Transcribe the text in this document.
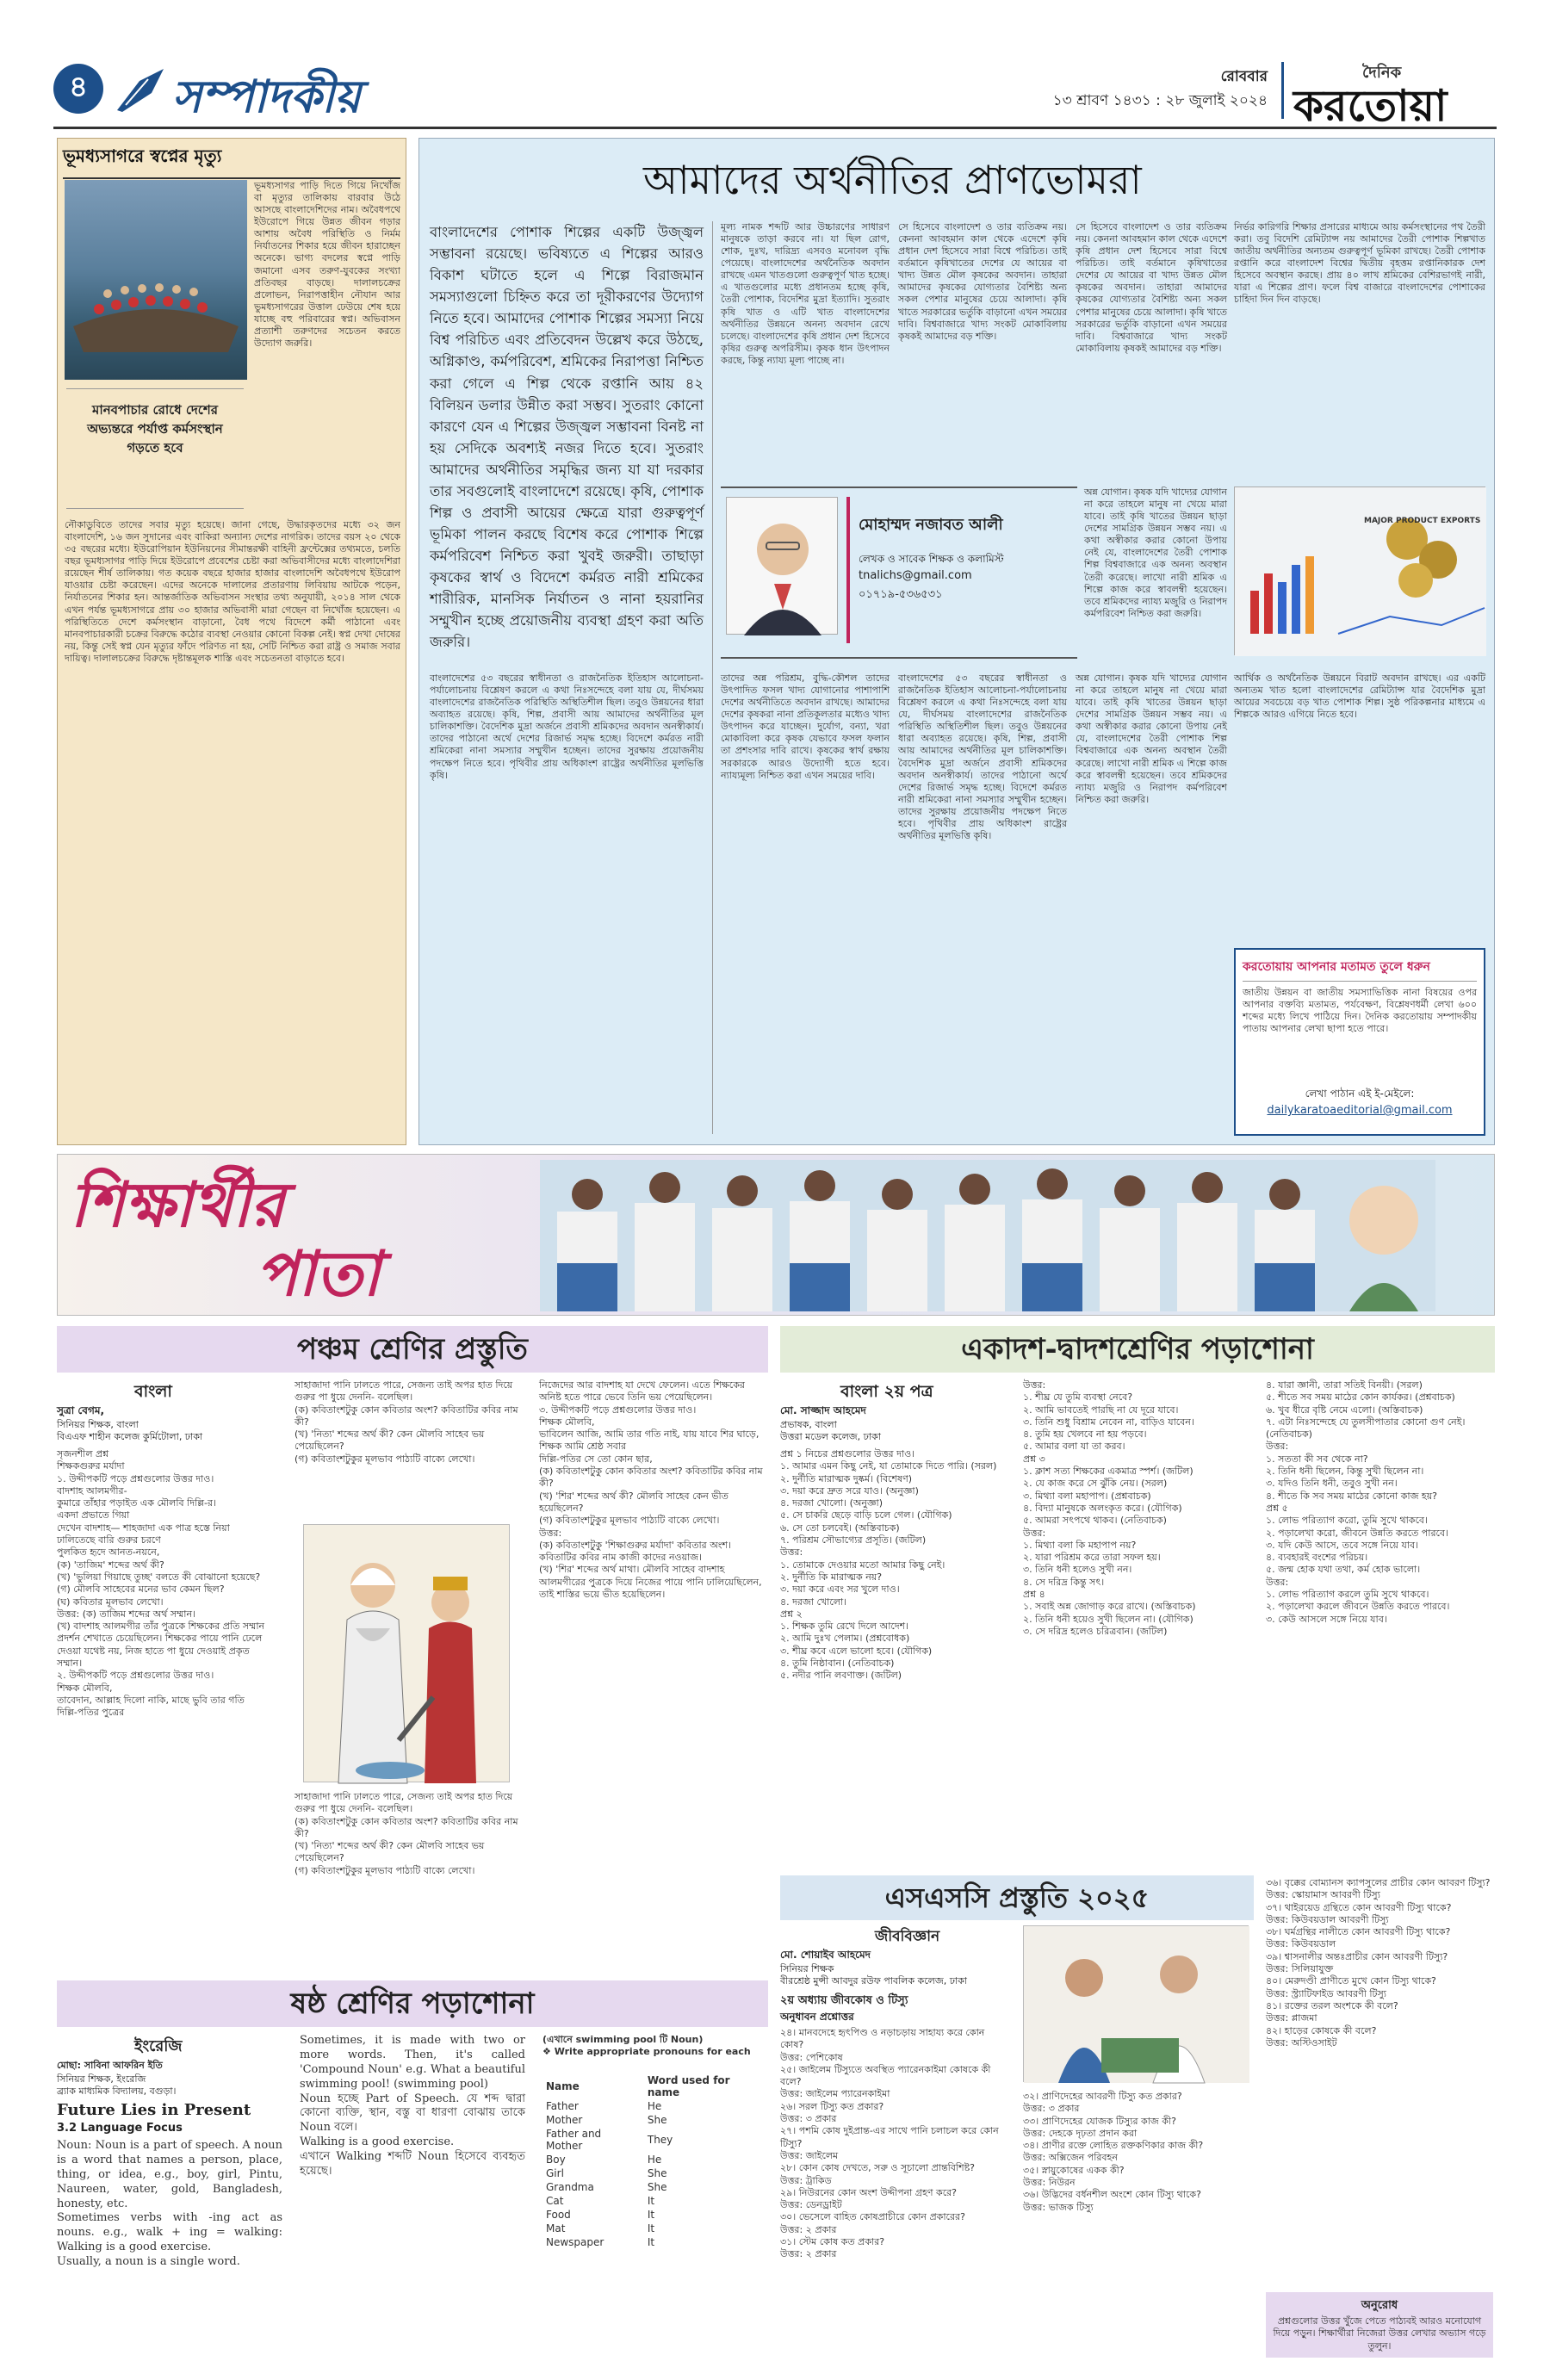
৪ সম্পাদকীয়	রোববার
১৩ শ্রাবণ ১৪৩১ : ২৮ জুলাই ২০২৪
দৈনিক
করতোয়া
ভূমধ্যসাগরে স্বপ্নের মৃত্যু
ভূমধ্যসাগর পাড়ি দিতে গিয়ে নিখোঁজ বা মৃত্যুর তালিকায় বারবার উঠে আসছে বাংলাদেশিদের নাম। অবৈধপথে ইউরোপে গিয়ে উন্নত জীবন গড়ার আশায় অবৈধ পরিস্থিতি ও নির্মম নির্যাতনের শিকার হয়ে জীবন হারাচ্ছেন অনেকে। ভাগ্য বদলের স্বপ্নে পাড়ি জমানো এসব তরুণ-যুবকের সংখ্যা প্রতিবছর বাড়ছে। দালালচক্রের প্রলোভন, নিরাপত্তাহীন নৌযান আর ভুমধ্যসাগরের উত্তাল ঢেউয়ে শেষ হয়ে যাচ্ছে বহু পরিবারের স্বপ্ন। অভিবাসন প্রত্যাশী তরুণদের সচেতন করতে উদ্যোগ জরুরি।
মানবপাচার রোধে দেশের অভ্যন্তরে পর্যাপ্ত কর্মসংস্থান গড়তে হবে
নৌকাডুবিতে তাদের সবার মৃত্যু হয়েছে। জানা গেছে, উদ্ধারকৃতদের মধ্যে ৩২ জন বাংলাদেশি, ১৬ জন সুদানের এবং বাকিরা অন্যান্য দেশের নাগরিক। তাদের বয়স ২০ থেকে ৩৫ বছরের মধ্যে। ইউরোপিয়ান ইউনিয়নের সীমান্তরক্ষী বাহিনী ফ্রন্টেক্সের তথ্যমতে, চলতি বছর ভূমধ্যসাগর পাড়ি দিয়ে ইউরোপে প্রবেশের চেষ্টা করা অভিবাসীদের মধ্যে বাংলাদেশিরা রয়েছেন শীর্ষ তালিকায়। গত কয়েক বছরে হাজার হাজার বাংলাদেশি অবৈধপথে ইউরোপ যাওয়ার চেষ্টা করেছেন। এদের অনেকে দালালের প্রতারণায় লিবিয়ায় আটকে পড়েন, নির্যাতনের শিকার হন। আন্তর্জাতিক অভিবাসন সংস্থার তথ্য অনুযায়ী, ২০১৪ সাল থেকে এখন পর্যন্ত ভূমধ্যসাগরে প্রায় ৩০ হাজার অভিবাসী মারা গেছেন বা নিখোঁজ হয়েছেন। এ পরিস্থিতিতে দেশে কর্মসংস্থান বাড়ানো, বৈধ পথে বিদেশে কর্মী পাঠানো এবং মানবপাচারকারী চক্রের বিরুদ্ধে কঠোর ব্যবস্থা নেওয়ার কোনো বিকল্প নেই। স্বপ্ন দেখা দোষের নয়, কিন্তু সেই স্বপ্ন যেন মৃত্যুর ফাঁদে পরিণত না হয়, সেটি নিশ্চিত করা রাষ্ট্র ও সমাজ সবার দায়িত্ব। দালালচক্রের বিরুদ্ধে দৃষ্টান্তমূলক শাস্তি এবং সচেতনতা বাড়াতে হবে।
আমাদের অর্থনীতির প্রাণভোমরা
বাংলাদেশের পোশাক শিল্পের একটি উজ্জ্বল সম্ভাবনা রয়েছে। ভবিষ্যতে এ শিল্পের আরও বিকাশ ঘটাতে হলে এ শিল্পে বিরাজমান সমস্যাগুলো চিহ্নিত করে তা দূরীকরণের উদ্যোগ নিতে হবে। আমাদের পোশাক শিল্পের সমস্যা নিয়ে বিশ্ব পরিচিত এবং প্রতিবেদন উল্লেখ করে উঠছে, অগ্নিকাণ্ড, কর্মপরিবেশ, শ্রমিকের নিরাপত্তা নিশ্চিত করা গেলে এ শিল্প থেকে রপ্তানি আয় ৪২ বিলিয়ন ডলার উন্নীত করা সম্ভব। সুতরাং কোনো কারণে যেন এ শিল্পের উজ্জ্বল সম্ভাবনা বিনষ্ট না হয় সেদিকে অবশ্যই নজর দিতে হবে। সুতরাং আমাদের অর্থনীতির সমৃদ্ধির জন্য যা যা দরকার তার সবগুলোই বাংলাদেশে রয়েছে। কৃষি, পোশাক শিল্প ও প্রবাসী আয়ের ক্ষেত্রে যারা গুরুত্বপূর্ণ ভূমিকা পালন করছে বিশেষ করে পোশাক শিল্পে কর্মপরিবেশ নিশ্চিত করা খুবই জরুরী। তাছাড়া কৃষকের স্বার্থ ও বিদেশে কর্মরত নারী শ্রমিকের শারীরিক, মানসিক নির্যাতন ও নানা হয়রানির সম্মুখীন হচ্ছে প্রয়োজনীয় ব্যবস্থা গ্রহণ করা অতি জরুরি।
মূল্য নামক শব্দটি আর উচ্চারণের সাধারণ মানুষকে তাড়া করবে না। যা ছিল রোগ, শোক, দুঃখ, দারিদ্র্য এসবও মনোবল বৃদ্ধি পেয়েছে। বাংলাদেশের অর্থনৈতিক অবদান রাখছে এমন খাতগুলো গুরুত্বপূর্ণ খাত হচ্ছে। এ খাতগুলোর মধ্যে প্রধানতম হচ্ছে কৃষি, তৈরী পোশাক, বিদেশির মুদ্রা ইত্যাদি। সুতরাং কৃষি খাত ও এটি খাত বাংলাদেশের অর্থনীতির উন্নয়নে অনন্য অবদান রেখে চলেছে। বাংলাদেশের কৃষি প্রধান দেশ হিসেবে কৃষির গুরুত্ব অপরিসীম। কৃষক ধান উৎপাদন করছে, কিন্তু ন্যায্য মূল্য পাচ্ছে না।
সে হিসেবে বাংলাদেশ ও তার ব্যতিক্রম নয়। কেননা আবহমান কাল থেকে এদেশে কৃষি প্রধান দেশ হিসেবে সারা বিশ্বে পরিচিত। তাই বর্তমানে কৃষিখাতের দেশের যে আয়ের বা খাদ্য উন্নত মৌল কৃষকের অবদান। তাহারা আমাদের কৃষকের যোগ্যতার বৈশিষ্ট্য অন্য সকল পেশার মানুষের চেয়ে আলাদা। কৃষি খাতে সরকারের ভর্তুকি বাড়ানো এখন সময়ের দাবি। বিশ্ববাজারে খাদ্য সংকট মোকাবিলায় কৃষকই আমাদের বড় শক্তি।
নির্ভর কারিগরি শিক্ষার প্রসারের মাধ্যমে আয় কর্মসংস্থানের পথ তৈরী করা। তবু বিদেশি রেমিট্যান্স নয় আমাদের তৈরী পোশাক শিল্পখাত জাতীয় অর্থনীতির অন্যতম গুরুত্বপূর্ণ ভূমিকা রাখছে। তৈরী পোশাক রপ্তানি করে বাংলাদেশ বিশ্বের দ্বিতীয় বৃহত্তম রপ্তানিকারক দেশ হিসেবে অবস্থান করছে। প্রায় ৪০ লাখ শ্রমিকের বেশিরভাগই নারী, যারা এ শিল্পের প্রাণ। ফলে বিশ্ব বাজারে বাংলাদেশের পোশাকের চাহিদা দিন দিন বাড়ছে।
সে হিসেবে বাংলাদেশ ও তার ব্যতিক্রম নয়। কেননা আবহমান কাল থেকে এদেশে কৃষি প্রধান দেশ হিসেবে সারা বিশ্বে পরিচিত। তাই বর্তমানে কৃষিখাতের দেশের যে আয়ের বা খাদ্য উন্নত মৌল কৃষকের অবদান। তাহারা আমাদের কৃষকের যোগ্যতার বৈশিষ্ট্য অন্য সকল পেশার মানুষের চেয়ে আলাদা। কৃষি খাতে সরকারের ভর্তুকি বাড়ানো এখন সময়ের দাবি। বিশ্ববাজারে খাদ্য সংকট মোকাবিলায় কৃষকই আমাদের বড় শক্তি।
মোহাম্মদ নজাবত আলী
লেখক ও সাবেক শিক্ষক ও কলামিস্ট
tnalichs@gmail.com
০১৭১৯-৫৩৬৫৩১
অন্ন যোগান। কৃষক যদি খাদ্যের যোগান না করে তাহলে মানুষ না খেয়ে মারা যাবে। তাই কৃষি খাতের উন্নয়ন ছাড়া দেশের সামগ্রিক উন্নয়ন সম্ভব নয়। এ কথা অস্বীকার করার কোনো উপায় নেই যে, বাংলাদেশের তৈরী পোশাক শিল্প বিশ্ববাজারে এক অনন্য অবস্থান তৈরী করেছে। লাখো নারী শ্রমিক এ শিল্পে কাজ করে স্বাবলম্বী হয়েছেন। তবে শ্রমিকদের ন্যায্য মজুরি ও নিরাপদ কর্মপরিবেশ নিশ্চিত করা জরুরি।
MAJOR PRODUCT EXPORTS
বাংলাদেশের ৫৩ বছরের স্বাধীনতা ও রাজনৈতিক ইতিহাস আলোচনা-পর্যালোচনায় বিশ্লেষণ করলে এ কথা নিঃসন্দেহে বলা যায় যে, দীর্ঘসময় বাংলাদেশের রাজনৈতিক পরিস্থিতি অস্থিতিশীল ছিল। তবুও উন্নয়নের ধারা অব্যাহত রয়েছে। কৃষি, শিল্প, প্রবাসী আয় আমাদের অর্থনীতির মূল চালিকাশক্তি। বৈদেশিক মুদ্রা অর্জনে প্রবাসী শ্রমিকদের অবদান অনস্বীকার্য। তাদের পাঠানো অর্থে দেশের রিজার্ভ সমৃদ্ধ হচ্ছে। বিদেশে কর্মরত নারী শ্রমিকেরা নানা সমস্যার সম্মুখীন হচ্ছেন। তাদের সুরক্ষায় প্রয়োজনীয় পদক্ষেপ নিতে হবে। পৃথিবীর প্রায় অধিকাংশ রাষ্ট্রের অর্থনীতির মূলভিত্তি কৃষি।
তাদের অন্ন পরিশ্রম, বুদ্ধি-কৌশল তাদের উৎপাদিত ফসল খাদ্য যোগানোর পাশাপাশি দেশের অর্থনীতিতে অবদান রাখছে। আমাদের দেশের কৃষকরা নানা প্রতিকূলতার মধ্যেও খাদ্য উৎপাদন করে যাচ্ছেন। দুর্যোগ, বন্যা, খরা মোকাবিলা করে কৃষক যেভাবে ফসল ফলান তা প্রশংসার দাবি রাখে। কৃষকের স্বার্থ রক্ষায় সরকারকে আরও উদ্যোগী হতে হবে। ন্যায্যমূল্য নিশ্চিত করা এখন সময়ের দাবি।
বাংলাদেশের ৫৩ বছরের স্বাধীনতা ও রাজনৈতিক ইতিহাস আলোচনা-পর্যালোচনায় বিশ্লেষণ করলে এ কথা নিঃসন্দেহে বলা যায় যে, দীর্ঘসময় বাংলাদেশের রাজনৈতিক পরিস্থিতি অস্থিতিশীল ছিল। তবুও উন্নয়নের ধারা অব্যাহত রয়েছে। কৃষি, শিল্প, প্রবাসী আয় আমাদের অর্থনীতির মূল চালিকাশক্তি। বৈদেশিক মুদ্রা অর্জনে প্রবাসী শ্রমিকদের অবদান অনস্বীকার্য। তাদের পাঠানো অর্থে দেশের রিজার্ভ সমৃদ্ধ হচ্ছে। বিদেশে কর্মরত নারী শ্রমিকেরা নানা সমস্যার সম্মুখীন হচ্ছেন। তাদের সুরক্ষায় প্রয়োজনীয় পদক্ষেপ নিতে হবে। পৃথিবীর প্রায় অধিকাংশ রাষ্ট্রের অর্থনীতির মূলভিত্তি কৃষি।
অন্ন যোগান। কৃষক যদি খাদ্যের যোগান না করে তাহলে মানুষ না খেয়ে মারা যাবে। তাই কৃষি খাতের উন্নয়ন ছাড়া দেশের সামগ্রিক উন্নয়ন সম্ভব নয়। এ কথা অস্বীকার করার কোনো উপায় নেই যে, বাংলাদেশের তৈরী পোশাক শিল্প বিশ্ববাজারে এক অনন্য অবস্থান তৈরী করেছে। লাখো নারী শ্রমিক এ শিল্পে কাজ করে স্বাবলম্বী হয়েছেন। তবে শ্রমিকদের ন্যায্য মজুরি ও নিরাপদ কর্মপরিবেশ নিশ্চিত করা জরুরি।
আর্থিক ও অর্থনৈতিক উন্নয়নে বিরাট অবদান রাখছে। এর একটি অন্যতম খাত হলো বাংলাদেশের রেমিট্যান্স যার বৈদেশিক মুদ্রা আয়ের সবচেয়ে বড় খাত পোশাক শিল্প। সুষ্ঠ পরিকল্পনার মাধ্যমে এ শিল্পকে আরও এগিয়ে নিতে হবে।
করতোয়ায় আপনার মতামত তুলে ধরুন
জাতীয় উন্নয়ন বা জাতীয় সমস্যাভিত্তিক নানা বিষয়ের ওপর আপনার বক্তব্যি মতামত, পর্যবেক্ষণ, বিশ্লেষণধর্মী লেখা ৬০০ শব্দের মধ্যে লিখে পাঠিয়ে দিন। দৈনিক করতোয়ায় সম্পাদকীয় পাতায় আপনার লেখা ছাপা হতে পারে।
লেখা পাঠান এই ই-মেইলে:
dailykaratoaeditorial@gmail.com
শিক্ষার্থীর
পাতা
পঞ্চম শ্রেণির প্রস্তুতি
বাংলা
সুত্রা বেগম,
সিনিয়র শিক্ষক, বাংলা
বিএএফ শাহীন কলেজ কুর্মিটোলা, ঢাকা
সৃজনশীল প্রশ্ন
শিক্ষকগুরুর মর্যাদা
১. উদ্দীপকটি পড়ে প্রশ্নগুলোর উত্তর দাও।
বাদশাহ আলমগীর-
কুমারে তাঁহার পড়াইত এক মৌলবি দিল্লি-র।
একদা প্রভাতে গিয়া
দেখেন বাদশাহ— শাহজাদা এক পাত্র হস্তে নিয়া
ঢালিতেছে বারি গুরুর চরণে
পুলকিত হৃদে আনত-নয়নে,
(ক) 'তাজিম' শব্দের অর্থ কী?
(খ) 'ভুলিয়া গিয়াছে তুচ্ছ' বলতে কী বোঝানো হয়েছে?
(গ) মৌলবি সাহেবের মনের ভাব কেমন ছিল?
(ঘ) কবিতার মূলভাব লেখো।
উত্তর: (ক) তাজিম শব্দের অর্থ সম্মান।
(খ) বাদশাহ আলমগীর তাঁর পুত্রকে শিক্ষকের প্রতি সম্মান প্রদর্শন শেখাতে চেয়েছিলেন। শিক্ষকের পায়ে পানি ঢেলে দেওয়া যথেষ্ট নয়, নিজ হাতে পা ধুয়ে দেওয়াই প্রকৃত সম্মান।
২. উদ্দীপকটি পড়ে প্রশ্নগুলোর উত্তর দাও।
শিক্ষক মৌলবি,
তাবেদান, আল্লাহ দিলো নাকি, মাছে ভুবি তার গতি
দিল্লি-পতির পুত্রের
সাহাজাদা পানি ঢালতে পারে, সেজন্য তাই অপর হাত দিয়ে গুরুর পা ধুয়ে দেননি- বলেছিল।
(ক) কবিতাংশটুকু কোন কবিতার অংশ? কবিতাটির কবির নাম কী?
(খ) 'নিত্য' শব্দের অর্থ কী? কেন মৌলবি সাহেব ভয় পেয়েছিলেন?
(গ) কবিতাংশটুকুর মূলভাব পাঠ্যটি বাক্যে লেখো।
সাহাজাদা পানি ঢালতে পারে, সেজন্য তাই অপর হাত দিয়ে গুরুর পা ধুয়ে দেননি- বলেছিল।
(ক) কবিতাংশটুকু কোন কবিতার অংশ? কবিতাটির কবির নাম কী?
(খ) 'নিত্য' শব্দের অর্থ কী? কেন মৌলবি সাহেব ভয় পেয়েছিলেন?
(গ) কবিতাংশটুকুর মূলভাব পাঠ্যটি বাক্যে লেখো।
নিজেদের আর বাদশাহ যা দেখে ফেলেন। এতে শিক্ষকের অনিষ্ট হতে পারে ভেবে তিনি ভয় পেয়েছিলেন।
৩. উদ্দীপকটি পড়ে প্রশ্নগুলোর উত্তর দাও।
শিক্ষক মৌলবি,
ভাবিলেন আজি, আমি তার গতি নাই, যায় যাবে শির ঘাড়ে,
শিক্ষক আমি শ্রেষ্ঠ সবার
দিল্লি-পতির সে তো কোন ছার,
(ক) কবিতাংশটুকু কোন কবিতার অংশ? কবিতাটির কবির নাম কী?
(খ) 'শির' শব্দের অর্থ কী? মৌলবি সাহেব কেন ভীত হয়েছিলেন?
(গ) কবিতাংশটুকুর মূলভাব পাঠ্যটি বাক্যে লেখো।
উত্তর:
(ক) কবিতাংশটুকু 'শিক্ষাগুরুর মর্যাদা' কবিতার অংশ। কবিতাটির কবির নাম কাজী কাদের নওয়াজ।
(খ) 'শির' শব্দের অর্থ মাথা। মৌলবি সাহেব বাদশাহ আলমগীরের পুত্রকে দিয়ে নিজের পায়ে পানি ঢালিয়েছিলেন, তাই শাস্তির ভয়ে ভীত হয়েছিলেন।
একাদশ-দ্বাদশশ্রেণির পড়াশোনা
বাংলা ২য় পত্র
মো. সাজ্জাদ আহমেদ
প্রভাষক, বাংলা
উত্তরা মডেল কলেজ, ঢাকা
প্রশ্ন ১ নিচের প্রশ্নগুলোর উত্তর দাও।
১. আমার এমন কিছু নেই, যা তোমাকে দিতে পারি। (সরল)
২. দুর্নীতি মারাত্মক দুষ্কর্ম। (বিশেষণ)
৩. দয়া করে দ্রুত সরে যাও। (অনুজ্ঞা)
৪. দরজা খোলো। (অনুজ্ঞা)
৫. সে চাকরি ছেড়ে বাড়ি চলে গেল। (যৌগিক)
৬. সে তো চলবেই। (অস্তিবাচক)
৭. পরিশ্রম সৌভাগ্যের প্রসূতি। (জটিল)
উত্তর:
১. তোমাকে দেওয়ার মতো আমার কিছু নেই।
২. দুর্নীতি কি মারাত্মক নয়?
৩. দয়া করে এবং সর খুলে দাও।
৪. দরজা খোলো।
প্রশ্ন ২
১. শিক্ষক তুমি রেখে দিলে আদেশ।
২. আমি দুঃখ পেলাম। (প্রশ্নবোধক)
৩. শীঘ্র কবে এলে ভালো হবে। (যৌগিক)
৪. তুমি নিষ্ঠাবান। (নেতিবাচক)
৫. নদীর পানি লবণাক্ত। (জটিল)
উত্তর:
১. শীঘ্র যে তুমি ব্যবস্থা নেবে?
২. আমি ভাবতেই পারছি না যে দূরে যাবে।
৩. তিনি শুধু বিশ্রাম নেবেন না, বাড়িও যাবেন।
৪. তুমি হয় খেলবে না হয় পড়বে।
৫. আমার বলা যা তা করব।
প্রশ্ন ৩
১. ক্লাশ সত্য শিক্ষকের একমাত্র স্পর্শ। (জটিল)
২. যে কাজ করে সে ঝুঁকি নেয়। (সরল)
৩. মিথ্যা বলা মহাপাপ। (প্রশ্নবাচক)
৪. বিদ্যা মানুষকে অলংকৃত করে। (যৌগিক)
৫. আমরা সৎপথে থাকব। (নেতিবাচক)
উত্তর:
১. মিথ্যা বলা কি মহাপাপ নয়?
২. যারা পরিশ্রম করে তারা সফল হয়।
৩. তিনি ধনী হলেও সুখী নন।
৪. সে দরিদ্র কিন্তু সৎ।
প্রশ্ন ৪
১. সবাই অন্ন জোগাড় করে রাখে। (অস্তিবাচক)
২. তিনি ধনী হয়েও সুখী ছিলেন না। (যৌগিক)
৩. সে দরিদ্র হলেও চরিত্রবান। (জটিল)
৪. যারা জ্ঞানী, তারা সতিই বিনয়ী। (সরল)
৫. শীতে সব সময় মাঠের কোন কার্যকর। (প্রশ্নবাচক)
৬. খুব ধীরে বৃষ্টি নেমে এলো। (অস্তিবাচক)
৭. এটা নিঃসন্দেহে যে তুলসীপাতার কোনো গুণ নেই। (নেতিবাচক)
উত্তর:
১. সততা কী সব থেকে না?
২. তিনি ধনী ছিলেন, কিন্তু সুখী ছিলেন না।
৩. যদিও তিনি ধনী, তবুও সুখী নন।
৪. শীতে কি সব সময় মাঠের কোনো কাজ হয়?
প্রশ্ন ৫
১. লোভ পরিত্যাগ করো, তুমি সুখে থাকবে।
২. পড়ালেখা করো, জীবনে উন্নতি করতে পারবে।
৩. যদি কেউ আসে, তবে সঙ্গে নিয়ে যাব।
৪. ব্যবহারই বংশের পরিচয়।
৫. জন্ম হোক যথা তথা, কর্ম হোক ভালো।
উত্তর:
১. লোভ পরিত্যাগ করলে তুমি সুখে থাকবে।
২. পড়ালেখা করলে জীবনে উন্নতি করতে পারবে।
৩. কেউ আসলে সঙ্গে নিয়ে যাব।
এসএসসি প্রস্তুতি ২০২৫
জীববিজ্ঞান
মো. শোয়াইব আহমেদ
সিনিয়র শিক্ষক
বীরশ্রেষ্ঠ মুন্সী আবদুর রউফ পাবলিক কলেজ, ঢাকা
২য় অধ্যায় জীবকোষ ও টিস্যু
অনুধাবন প্রশ্নোত্তর
২৪। মানবদেহে হৃৎপিণ্ড ও নড়াচড়ায় সাহায্য করে কোন কোষ?
উত্তর: পেশিকোষ
২৫। জাইলেম টিস্যুতে অবস্থিত প্যারেনকাইমা কোষকে কী বলে?
উত্তর: জাইলেম প্যারেনকাইমা
২৬। সরল টিস্যু কত প্রকার?
উত্তর: ৩ প্রকার
২৭। পশমি কোষ দুইপ্রান্ত-এর সাথে পানি চলাচল করে কোন টিস্যু?
উত্তর: জাইলেম
২৮। কোন কোষ দেখতে, সরু ও সূচালো প্রান্তবিশিষ্ট?
উত্তর: ট্রাকিড
২৯। নিউরনের কোন অংশ উদ্দীপনা গ্রহণ করে?
উত্তর: ডেনড্রাইট
৩০। ভেসেলে বাহিত কোষপ্রাচীরে কোন প্রকারের?
উত্তর: ২ প্রকার
৩১। স্টেম কোষ কত প্রকার?
উত্তর: ২ প্রকার
৩২। প্রাণিদেহের আবরণী টিস্যু কত প্রকার?
উত্তর: ৩ প্রকার
৩৩। প্রাণিদেহের যোজক টিস্যুর কাজ কী?
উত্তর: দেহকে দৃঢ়তা প্রদান করা
৩৪। প্রাণীর রক্তে লোহিত রক্তকণিকার কাজ কী?
উত্তর: অক্সিজেন পরিবহন
৩৫। স্নায়ুকোষের একক কী?
উত্তর: নিউরন
৩৬। উদ্ভিদের বর্ধনশীল অংশে কোন টিস্যু থাকে?
উত্তর: ভাজক টিস্যু
৩৬। বৃক্কের বোম্যানস ক্যাপসুলের প্রাচীর কোন আবরণ টিস্যু?
উত্তর: স্কোয়ামাস আবরণী টিস্যু
৩৭। থাইরয়েড গ্রন্থিতে কোন আবরণী টিস্যু থাকে?
উত্তর: কিউবয়ডাল আবরণী টিস্যু
৩৮। ঘর্মগ্রন্থির নালীতে কোন আবরণী টিস্যু থাকে?
উত্তর: কিউবয়ডাল
৩৯। শ্বাসনালীর অন্তঃপ্রাচীর কোন আবরণী টিস্যু?
উত্তর: সিলিয়াযুক্ত
৪০। মেরুদণ্ডী প্রাণীতে মুখে কোন টিস্যু থাকে?
উত্তর: স্ট্র্যাটিফাইড আবরণী টিস্যু
৪১। রক্তের তরল অংশকে কী বলে?
উত্তর: প্লাজমা
৪২। হাড়ের কোষকে কী বলে?
উত্তর: অস্টিওসাইট
অনুরোধ
প্রশ্নগুলোর উত্তর খুঁজে পেতে পাঠ্যবই আরও মনোযোগ দিয়ে পড়ুন। শিক্ষার্থীরা নিজেরা উত্তর লেখার অভ্যাস গড়ে তুলুন।
ষষ্ঠ শ্রেণির পড়াশোনা
ইংরেজি
মোছা: সাবিনা আফরিন ইতি
সিনিয়র শিক্ষক, ইংরেজি
ব্র্যাক মাধ্যমিক বিদ্যালয়, বগুড়া।
Future Lies in Present
3.2 Language Focus
Noun: Noun is a part of speech. A noun is a word that names a person, place, thing, or idea, e.g., boy, girl, Pintu, Naureen, water, gold, Bangladesh, honesty, etc.
Sometimes verbs with -ing act as nouns. e.g., walk + ing = walking: Walking is a good exercise.
Usually, a noun is a single word.
Sometimes, it is made with two or more words. Then, it's called 'Compound Noun' e.g. What a beautiful swimming pool! (swimming pool)
Noun হচ্ছে Part of Speech. যে শব্দ দ্বারা কোনো ব্যক্তি, স্থান, বস্তু বা ধারণা বোঝায় তাকে Noun বলে।
Walking is a good exercise.
এখানে Walking শব্দটি Noun হিসেবে ব্যবহৃত হয়েছে।
(এখানে swimming pool টি Noun)
❖ Write appropriate pronouns for each
Name	Word used for name
Father	He
Mother	She
Father and Mother	They
Boy	He
Girl	She
Grandma	She
Cat	It
Food	It
Mat	It
Newspaper	It
